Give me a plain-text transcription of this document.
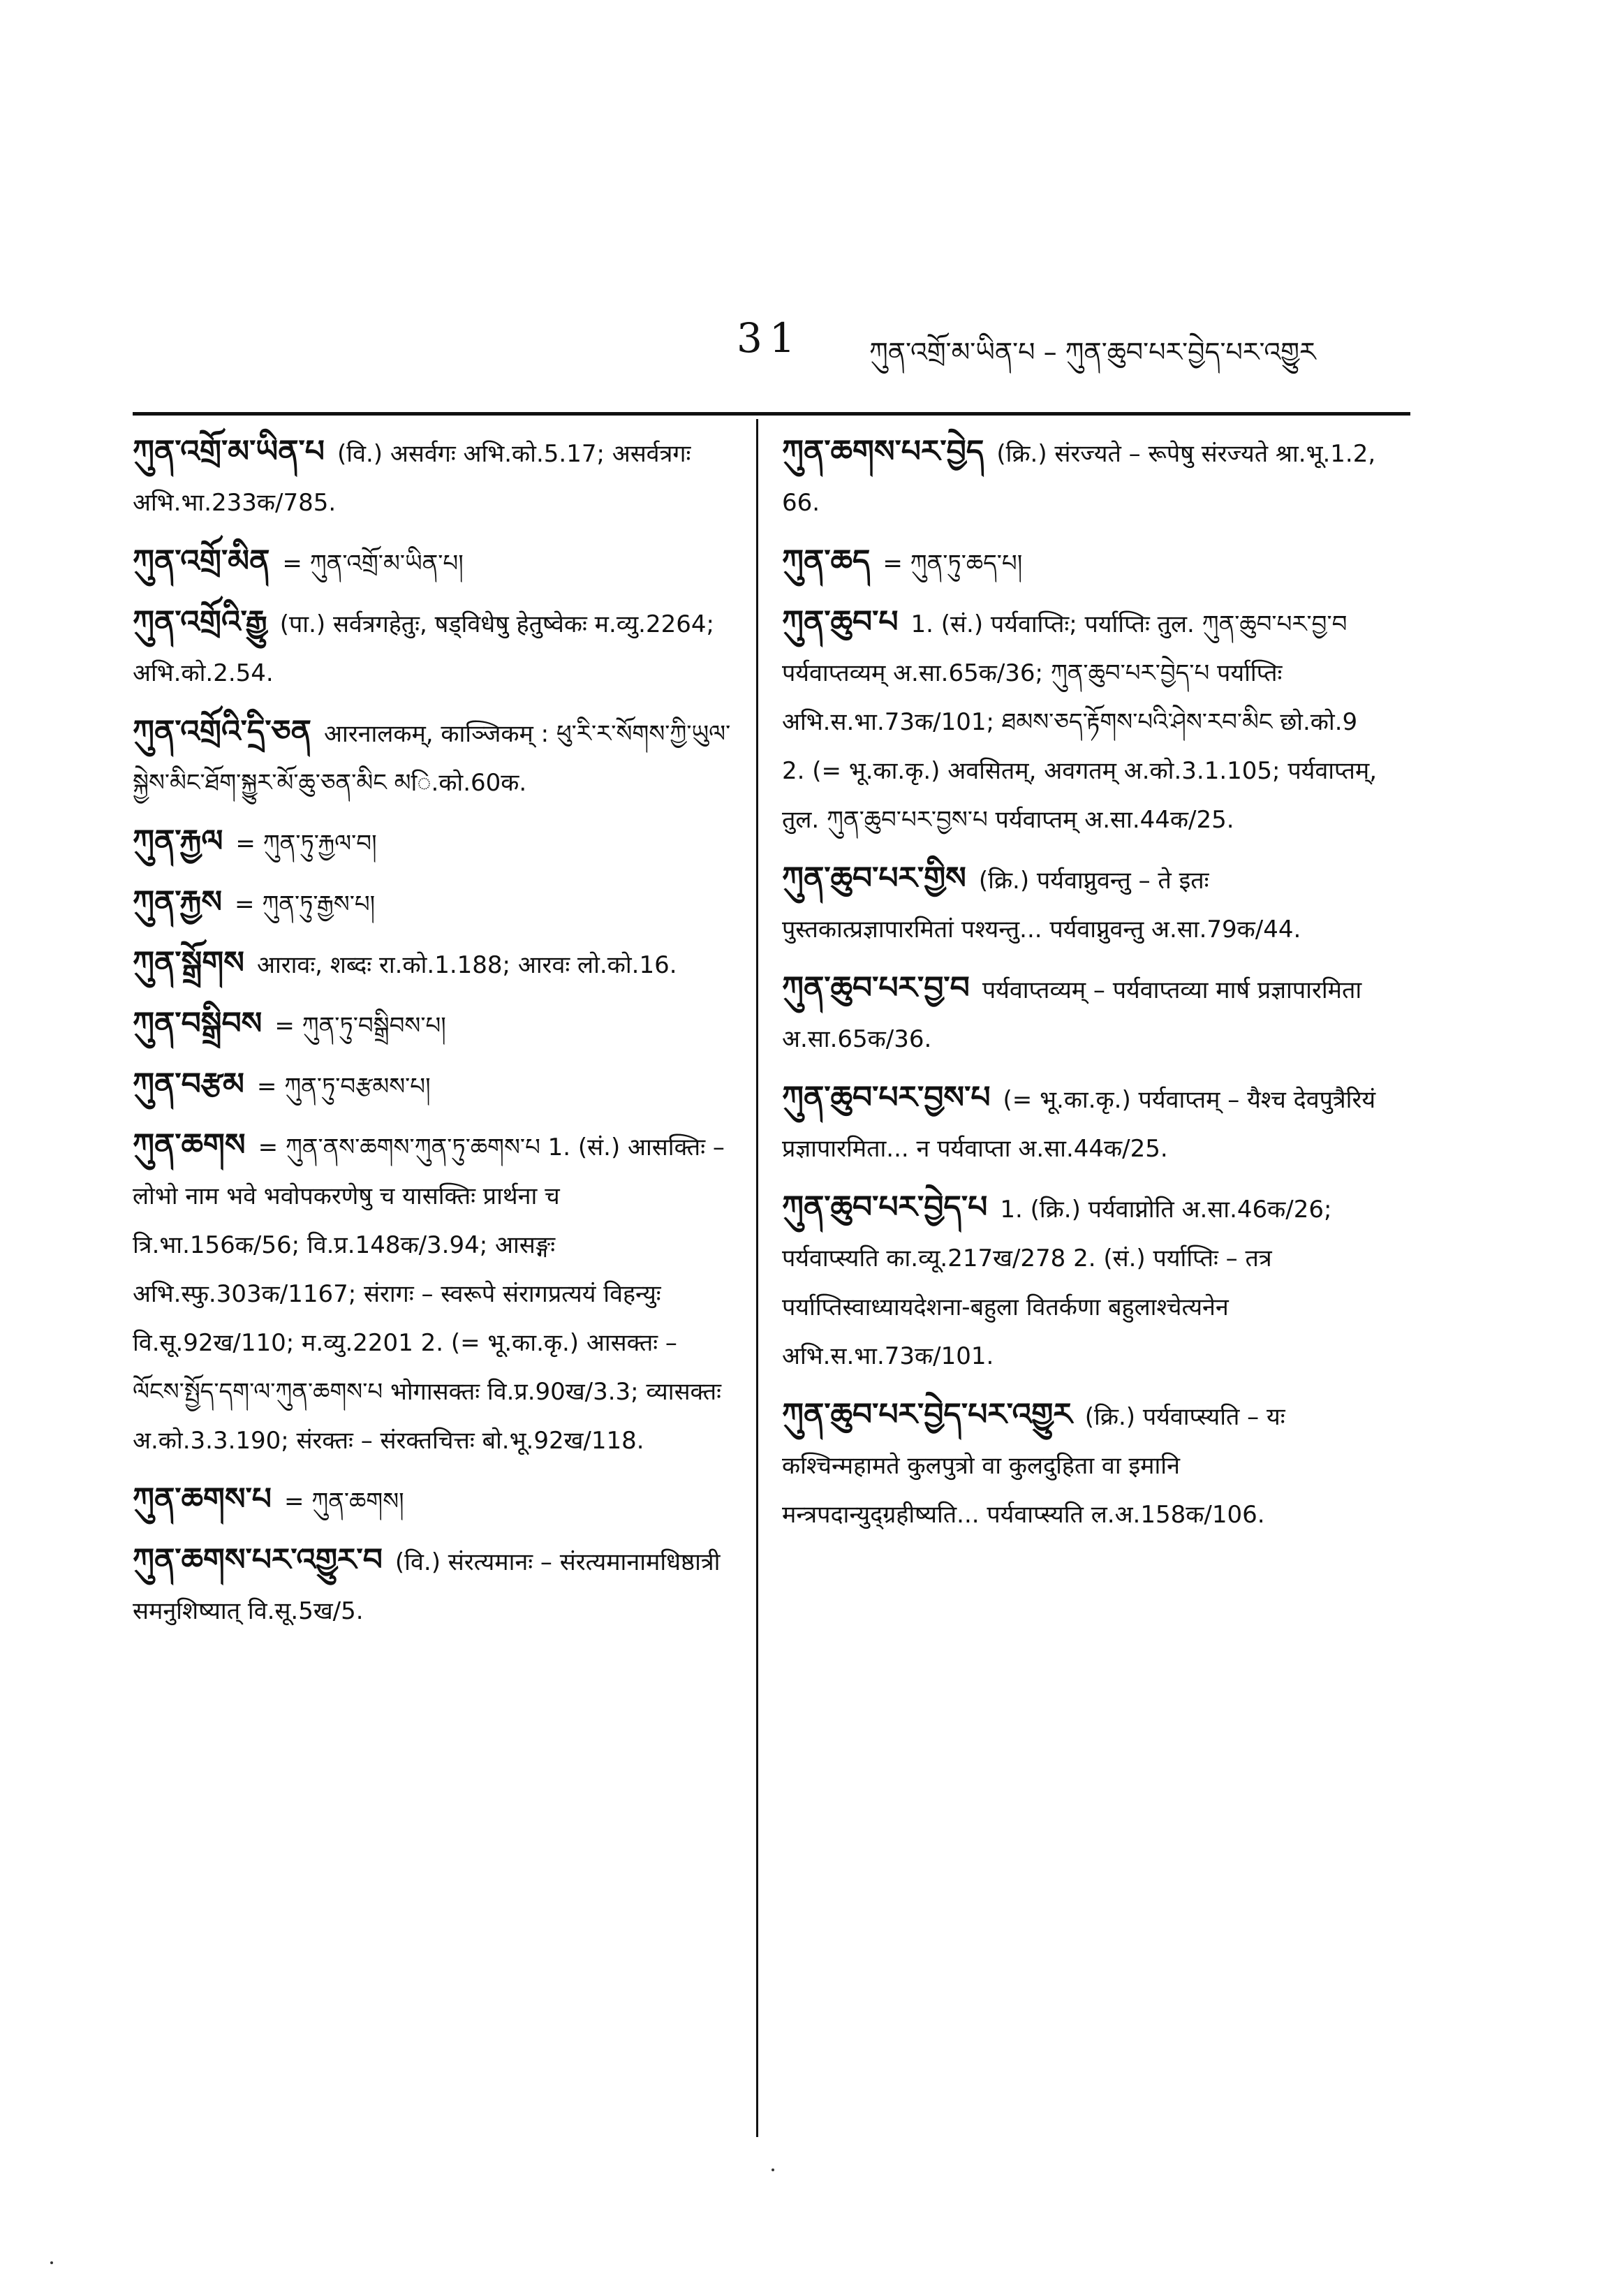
31	ཀུན་འགྲོ་མ་ཡིན་པ – ཀུན་ཆུབ་པར་བྱེད་པར་འགྱུར
ཀུན་འགྲོ་མ་ཡིན་པ (वि.) असर्वगः अभि.को.5.17; असर्वत्रगः अभि.भा.233क/785.
ཀུན་འགྲོ་མིན = ཀུན་འགྲོ་མ་ཡིན་པ།
ཀུན་འགྲོའི་རྒྱུ (पा.) सर्वत्रगहेतुः, षड्विधेषु हेतुष्वेकः म.व्यु.2264; अभि.को.2.54.
ཀུན་འགྲོའི་དྲི་ཅན आरनालकम्, काञ्जिकम् : ཕུ་རི་ར་སོགས་ཀྱི་ཡུལ་སྐྱེས་མིང་ཐོག་སྐྱུར་མོ་ཆུ་ཅན་མིང མि.को.60क.
ཀུན་རྐྱལ = ཀུན་ཏུ་རྐྱལ་བ།
ཀུན་རྐྱས = ཀུན་ཏུ་རྒྱས་པ།
ཀུན་སྒྲོགས आरावः, शब्दः रा.को.1.188; आरवः लो.को.16.
ཀུན་བསྒྲིབས = ཀུན་ཏུ་བསྒྲིབས་པ།
ཀུན་བརྩམ = ཀུན་ཏུ་བརྩམས་པ།
ཀུན་ཆགས = ཀུན་ནས་ཆགས་ཀུན་ཏུ་ཆགས་པ 1. (सं.) आसक्तिः – लोभो नाम भवे भवोपकरणेषु च यासक्तिः प्रार्थना च त्रि.भा.156क/56; वि.प्र.148क/3.94; आसङ्गः अभि.स्फु.303क/1167; संरागः – स्वरूपे संरागप्रत्ययं विहन्युः वि.सू.92ख/110; म.व्यु.2201 2. (= भू.का.कृ.) आसक्तः – ལོངས་སྤྱོད་དག་ལ་ཀུན་ཆགས་པ भोगासक्तः वि.प्र.90ख/3.3; व्यासक्तः अ.को.3.3.190; संरक्तः – संरक्तचित्तः बो.भू.92ख/118.
ཀུན་ཆགས་པ = ཀུན་ཆགས།
ཀུན་ཆགས་པར་འགྱུར་བ (वि.) संरत्यमानः – संरत्यमानामधिष्ठात्री समनुशिष्यात् वि.सू.5ख/5.
ཀུན་ཆགས་པར་བྱེད (क्रि.) संरज्यते – रूपेषु संरज्यते श्रा.भू.1.2, 66.
ཀུན་ཆད = ཀུན་ཏུ་ཆད་པ།
ཀུན་ཆུབ་པ 1. (सं.) पर्यवाप्तिः; पर्याप्तिः तुल. ཀུན་ཆུབ་པར་བྱ་བ पर्यवाप्तव्यम् अ.सा.65क/36; ཀུན་ཆུབ་པར་བྱེད་པ पर्याप्तिः अभि.स.भा.73क/101; ཐམས་ཅད་རྟོགས་པའི་ཤེས་རབ་མིང छो.को.9 2. (= भू.का.कृ.) अवसितम्, अवगतम् अ.को.3.1.105; पर्यवाप्तम्, तुल. ཀུན་ཆུབ་པར་བྱས་པ पर्यवाप्तम् अ.सा.44क/25.
ཀུན་ཆུབ་པར་གྱིས (क्रि.) पर्यवाप्नुवन्तु – ते इतः पुस्तकात्प्रज्ञापारमितां पश्यन्तु... पर्यवाप्नुवन्तु अ.सा.79क/44.
ཀུན་ཆུབ་པར་བྱ་བ पर्यवाप्तव्यम् – पर्यवाप्तव्या मार्ष प्रज्ञापारमिता अ.सा.65क/36.
ཀུན་ཆུབ་པར་བྱས་པ (= भू.का.कृ.) पर्यवाप्तम् – यैश्च देवपुत्रैरियं प्रज्ञापारमिता... न पर्यवाप्ता अ.सा.44क/25.
ཀུན་ཆུབ་པར་བྱེད་པ 1. (क्रि.) पर्यवाप्नोति अ.सा.46क/26; पर्यवाप्स्यति का.व्यू.217ख/278 2. (सं.) पर्याप्तिः – तत्र पर्याप्तिस्वाध्यायदेशना-बहुला वितर्कणा बहुलाश्चेत्यनेन अभि.स.भा.73क/101.
ཀུན་ཆུབ་པར་བྱེད་པར་འགྱུར (क्रि.) पर्यवाप्स्यति – यः कश्चिन्महामते कुलपुत्रो वा कुलदुहिता वा इमानि मन्त्रपदान्युद्ग्रहीष्यति... पर्यवाप्स्यति ल.अ.158क/106.
